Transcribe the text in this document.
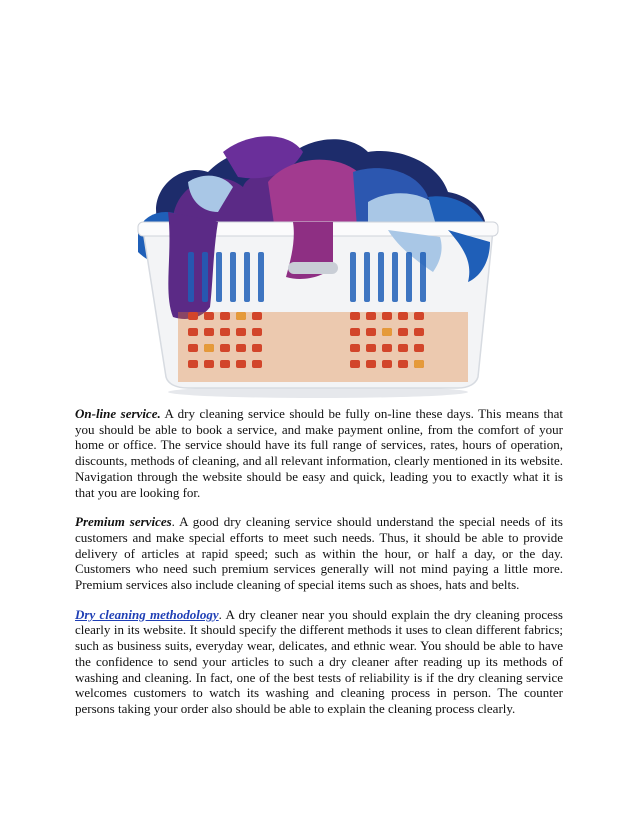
On-line service. A dry cleaning service should be fully on-line these days. This means that you should be able to book a service, and make payment online, from the comfort of your home or office. The service should have its full range of services, rates, hours of operation, discounts, methods of cleaning, and all relevant information, clearly mentioned in its website. Navigation through the website should be easy and quick, leading you to exactly what it is that you are looking for.

Premium services. A good dry cleaning service should understand the special needs of its customers and make special efforts to meet such needs. Thus, it should be able to provide delivery of articles at rapid speed; such as within the hour, or half a day, or the day. Customers who need such premium services generally will not mind paying a little more. Premium services also include cleaning of special items such as shoes, hats and belts.

Dry cleaning methodology. A dry cleaner near you should explain the dry cleaning process clearly in its website. It should specify the different methods it uses to clean different fabrics; such as business suits, everyday wear, delicates, and ethnic wear. You should be able to have the confidence to send your articles to such a dry cleaner after reading up its methods of washing and cleaning. In fact, one of the best tests of reliability is if the dry cleaning service welcomes customers to watch its washing and cleaning process in person. The counter persons taking your order also should be able to explain the cleaning process clearly.
